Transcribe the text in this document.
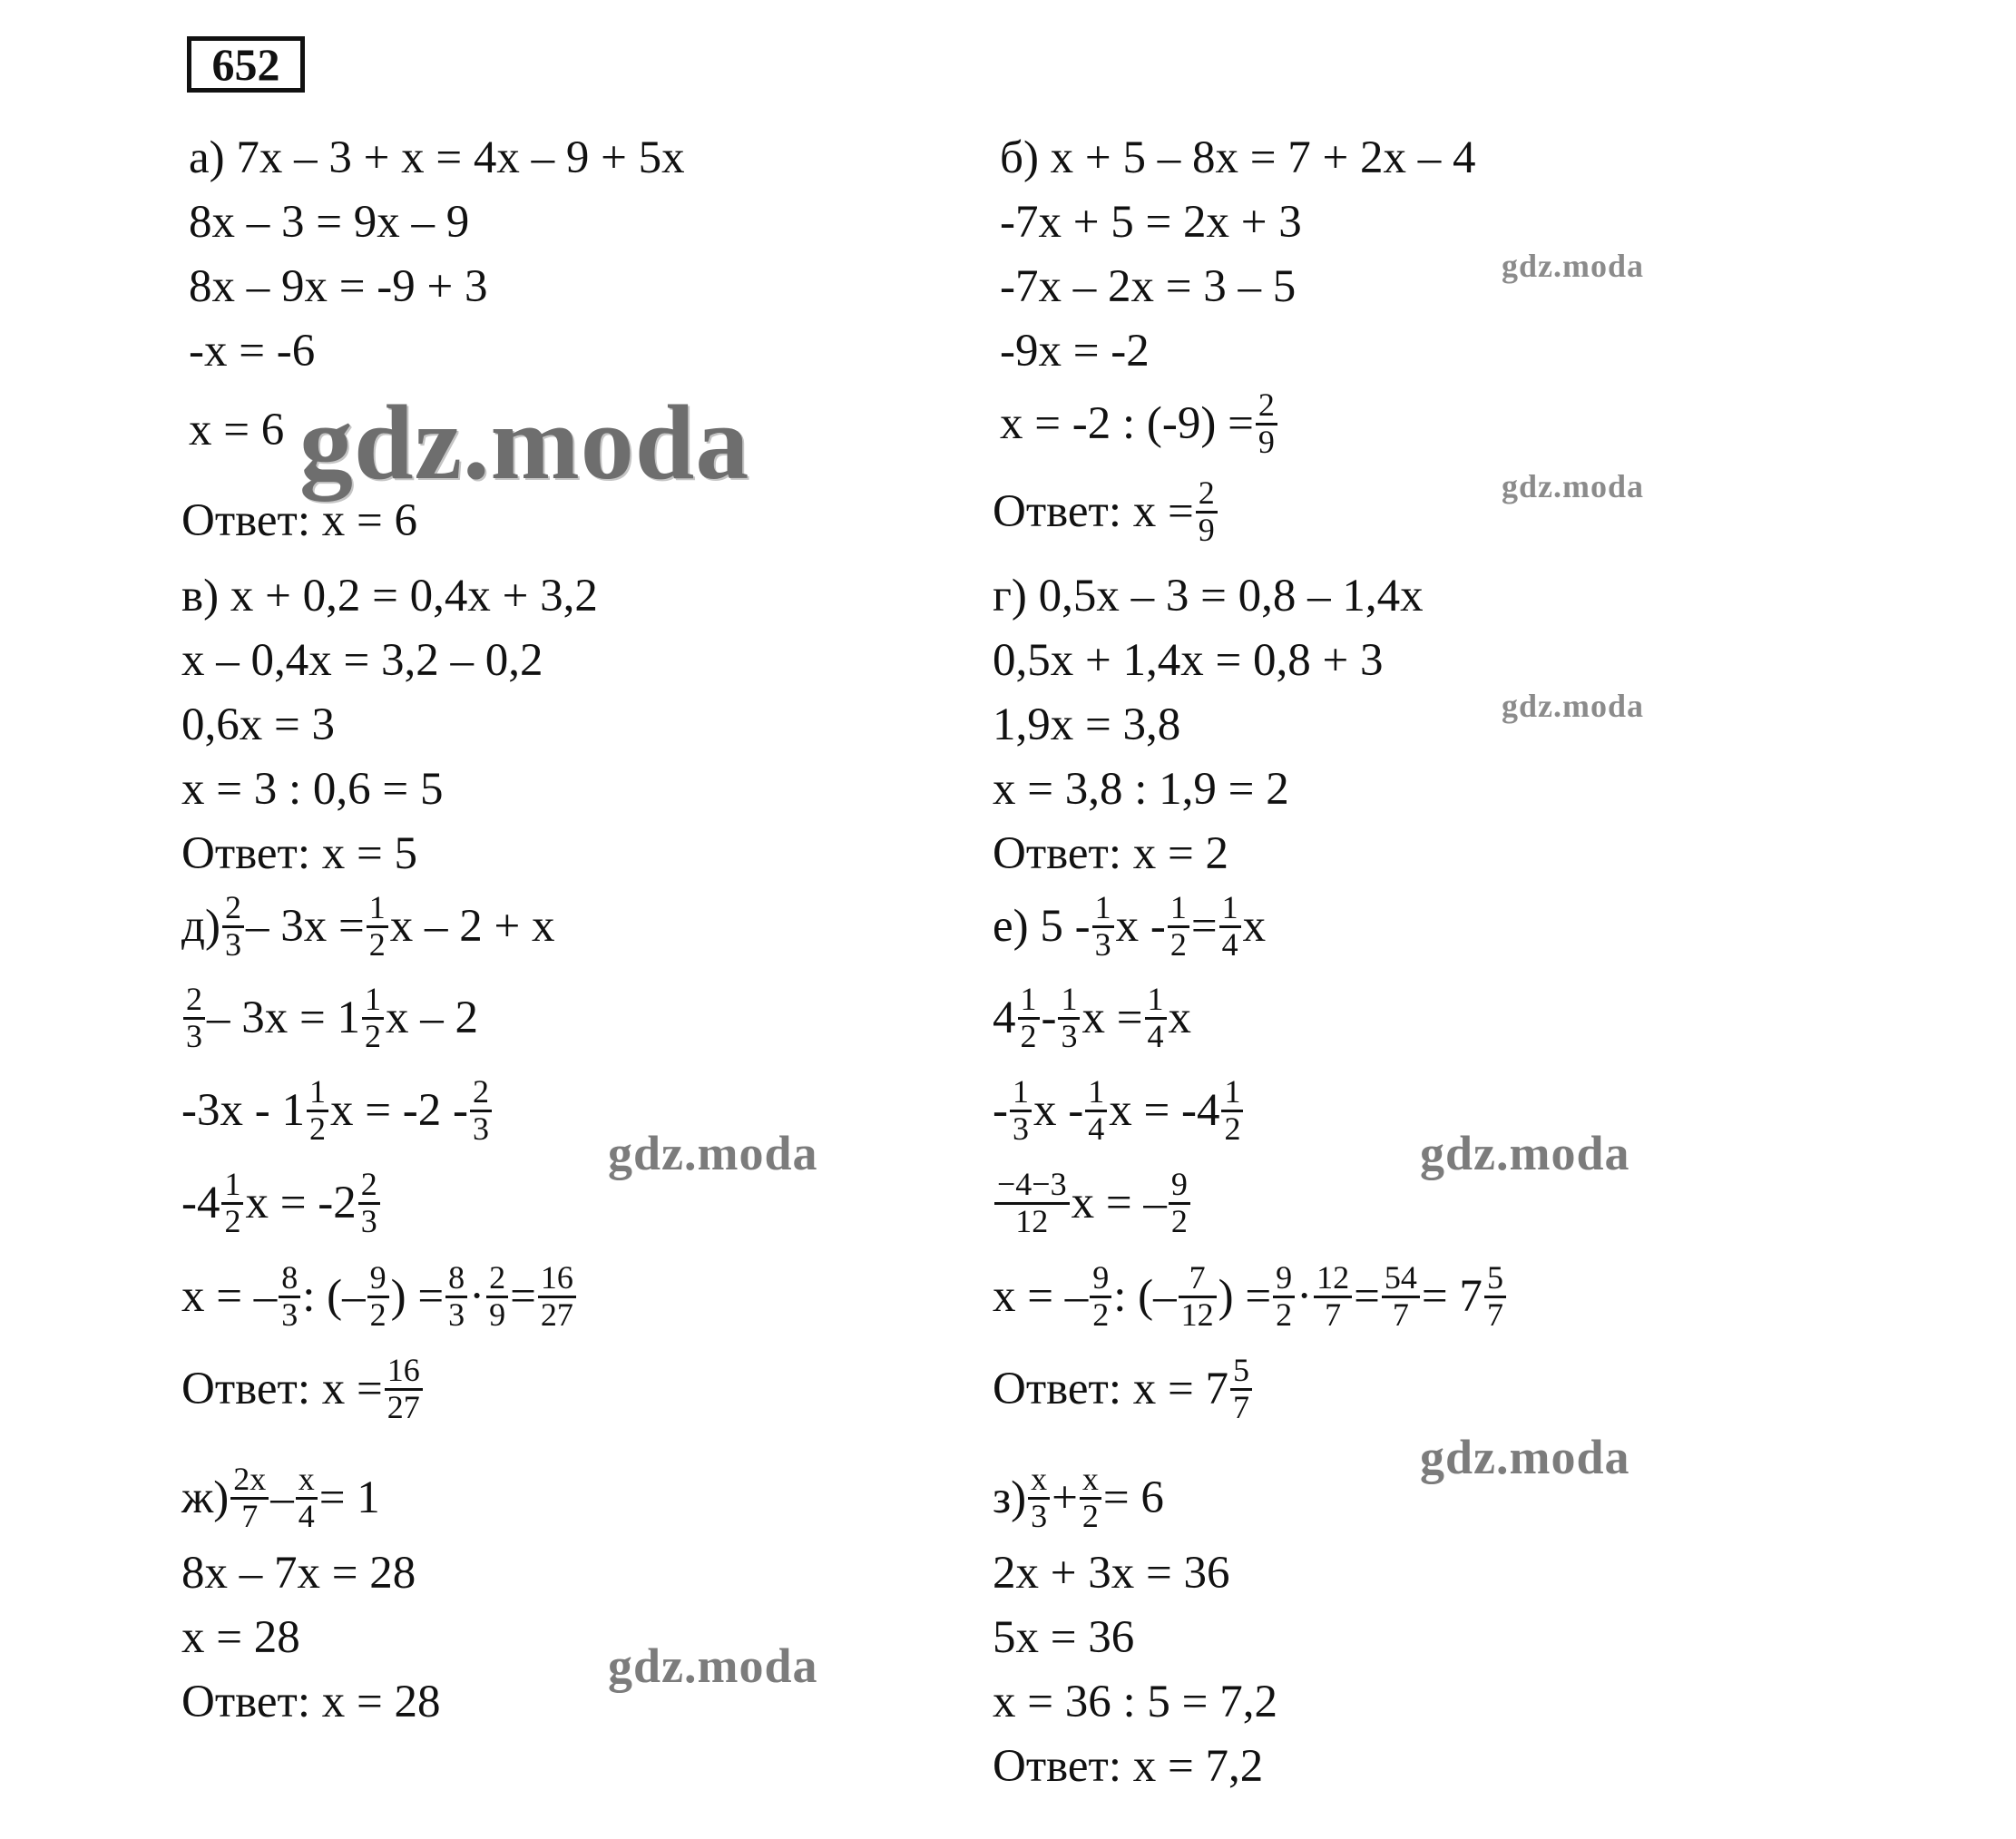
652
а) 7x – 3 + x = 4x – 9 + 5x
8x – 3 = 9x – 9
8x – 9x = -9 + 3
-x = -6
x = 6
Ответ: x = 6
б) x + 5 – 8x = 7 + 2x – 4
-7x + 5 = 2x + 3
-7x – 2x = 3 – 5
-9x = -2
x = -2 : $(-9) = \frac{2}{9}$
Ответ: $x = \frac{2}{9}$
в) x + 0,2 = 0,4x + 3,2
x – 0,4x = 3,2 – 0,2
0,6x = 3
x = 3 : 0,6 = 5
Ответ: x = 5
г) 0,5x – 3 = 0,8 – 1,4x
0,5x + 1,4x = 0,8 + 3
1,9x = 3,8
x = 3,8 : 1,9 = 2
Ответ: x = 2
$д) \frac{2}{3} - 3x = \frac{1}{2}$ x – 2 + x
$\frac{2}{3} - 3x = 1 \frac{1}{2}$ x – 2
$-3x - 1 \frac{1}{2}$ $x = -2 - \frac{2}{3}$
$-4 \frac{1}{2}$ $x = -2 \frac{2}{3}$
x = – $\frac{8}{3}$ : (– $\frac{9}{2}$ ) = $\frac{8}{3} \cdot \frac{2}{9} = \frac{16}{27}$
Ответ: $x = \frac{16}{27}$
е) $5 - \frac{1}{3}$ $x - \frac{1}{2} = \frac{1}{4}$ x
$4 \frac{1}{2} - \frac{1}{3}$ $x = \frac{1}{4}$ x
- $\frac{1}{3}$ x - $\frac{1}{4}$ $x = -4 \frac{1}{2}$
$\frac{-4-3}{12}$ x = – $\frac{9}{2}$
x = – $\frac{9}{2}$ : (– $\frac{7}{12}$ ) = $\frac{9}{2} \cdot \frac{12}{7} = \frac{54}{7} = 7 \frac{5}{7}$
Ответ: $x = 7 \frac{5}{7}$
$ж) \frac{2x}{7} - \frac{x}{4} = 1$
8x – 7x = 28
x = 28
Ответ: x = 28
$з) \frac{x}{3} + \frac{x}{2} = 6$
2x + 3x = 36
5x = 36
x = 36 : 5 = 7,2
Ответ: x = 7,2
gdz.moda
gdz.moda
gdz.moda
gdz.moda
gdz.moda
gdz.moda
gdz.moda
gdz.moda
